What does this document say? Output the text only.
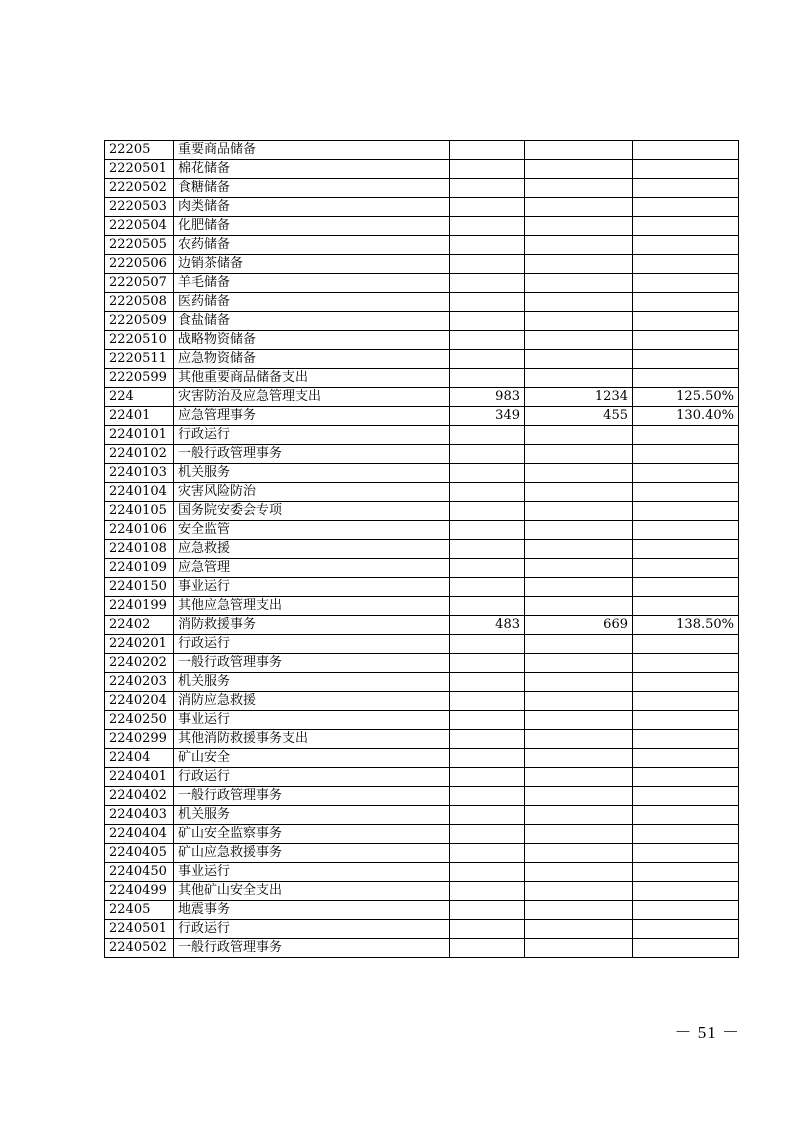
22205	重要商品储备			
2220501	棉花储备			
2220502	食糖储备			
2220503	肉类储备			
2220504	化肥储备			
2220505	农药储备			
2220506	边销茶储备			
2220507	羊毛储备			
2220508	医药储备			
2220509	食盐储备			
2220510	战略物资储备			
2220511	应急物资储备			
2220599	其他重要商品储备支出			
224	灾害防治及应急管理支出	983	1234	125.50%
22401	应急管理事务	349	455	130.40%
2240101	行政运行			
2240102	一般行政管理事务			
2240103	机关服务			
2240104	灾害风险防治			
2240105	国务院安委会专项			
2240106	安全监管			
2240108	应急救援			
2240109	应急管理			
2240150	事业运行			
2240199	其他应急管理支出			
22402	消防救援事务	483	669	138.50%
2240201	行政运行			
2240202	一般行政管理事务			
2240203	机关服务			
2240204	消防应急救援			
2240250	事业运行			
2240299	其他消防救援事务支出			
22404	矿山安全			
2240401	行政运行			
2240402	一般行政管理事务			
2240403	机关服务			
2240404	矿山安全监察事务			
2240405	矿山应急救援事务			
2240450	事业运行			
2240499	其他矿山安全支出			
22405	地震事务			
2240501	行政运行			
2240502	一般行政管理事务			
－ 51 －
